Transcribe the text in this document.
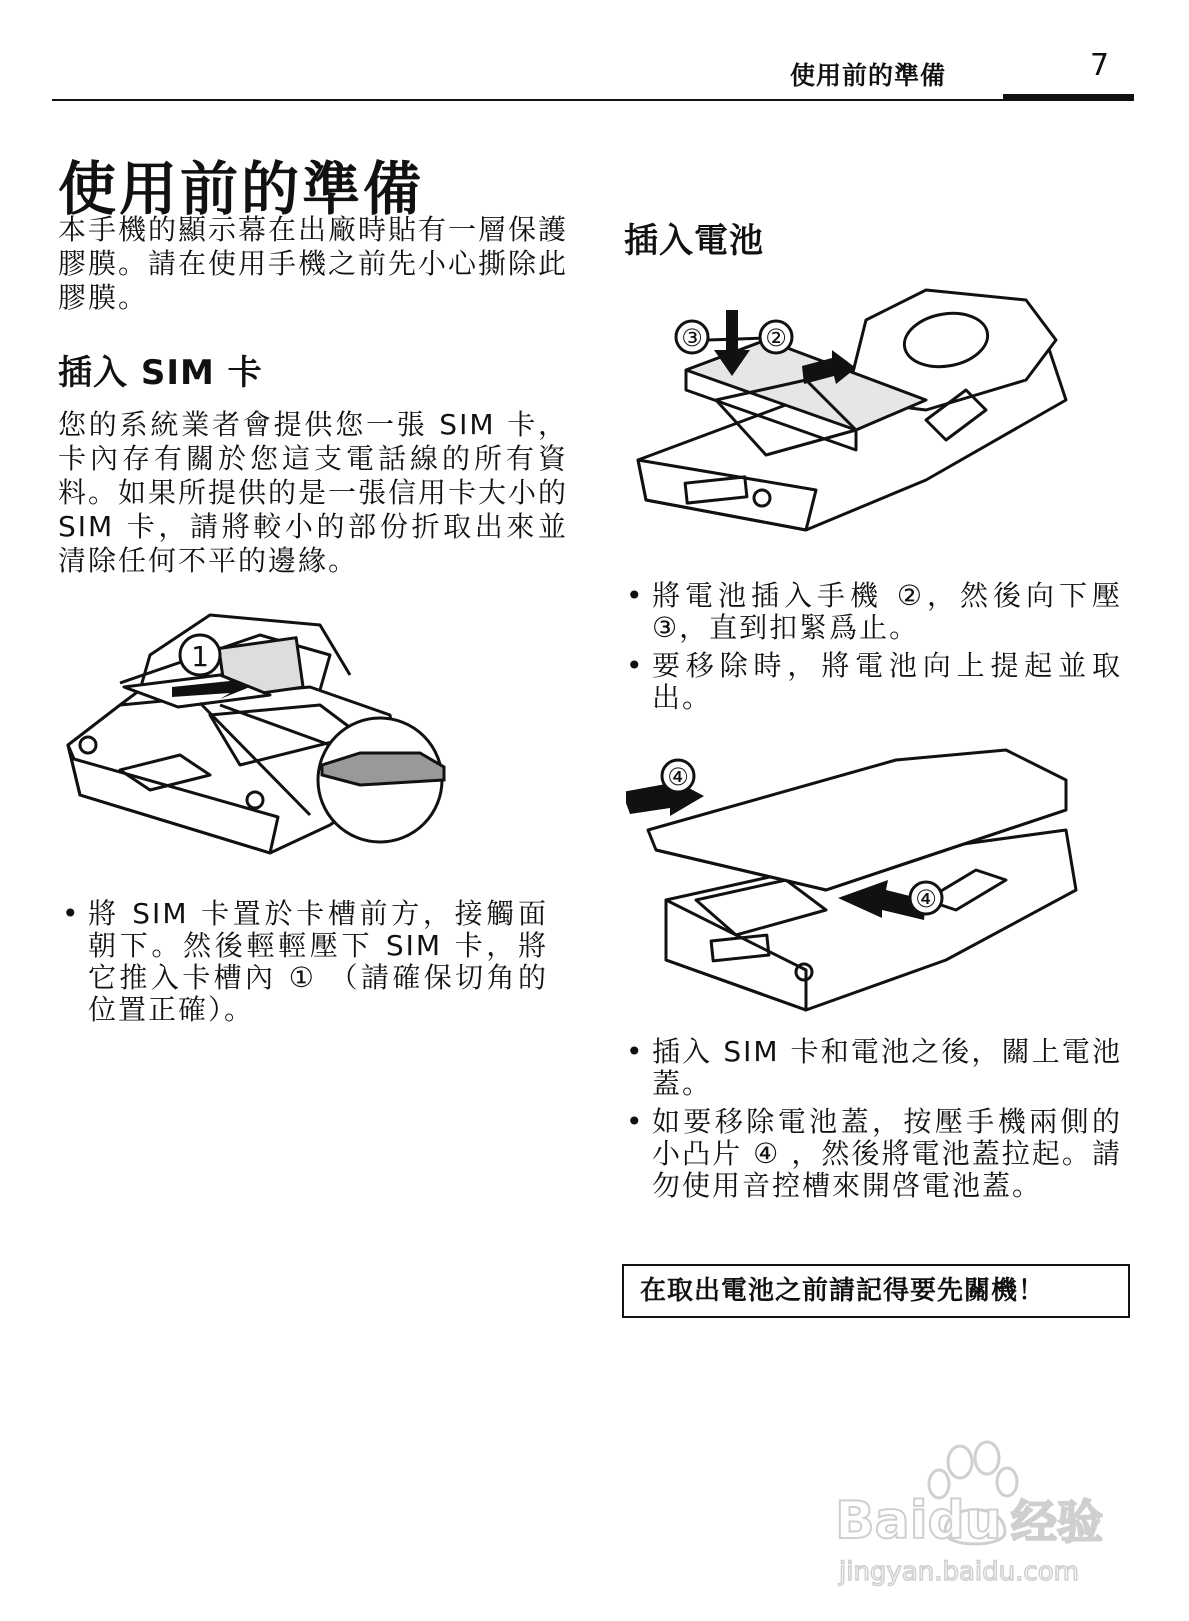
使用前的準備	7
使用前的準備

本手機的顯示幕在出廠時貼有一層保護膠膜。請在使用手機之前先小心撕除此膠膜。

插入 SIM 卡

您的系統業者會提供您一張 SIM 卡，卡內存有關於您這支電話線的所有資料。如果所提供的是一張信用卡大小的 SIM 卡，請將較小的部份折取出來並清除任何不平的邊緣。

1
• 將 SIM 卡置於卡槽前方，接觸面朝下。然後輕輕壓下 SIM 卡，將它推入卡槽內 ① （請確保切角的位置正確）。
插入電池
③	②
• 將電池插入手機 ②，然後向下壓 ③，直到扣緊爲止。
• 要移除時，將電池向上提起並取出。
④
④
• 插入 SIM 卡和電池之後，關上電池蓋。
• 如要移除電池蓋，按壓手機兩側的小凸片 ④ ，然後將電池蓋拉起。請勿使用音控槽來開啓電池蓋。
在取出電池之前請記得要先關機！
Baidu 经验
jingyan.baidu.com
